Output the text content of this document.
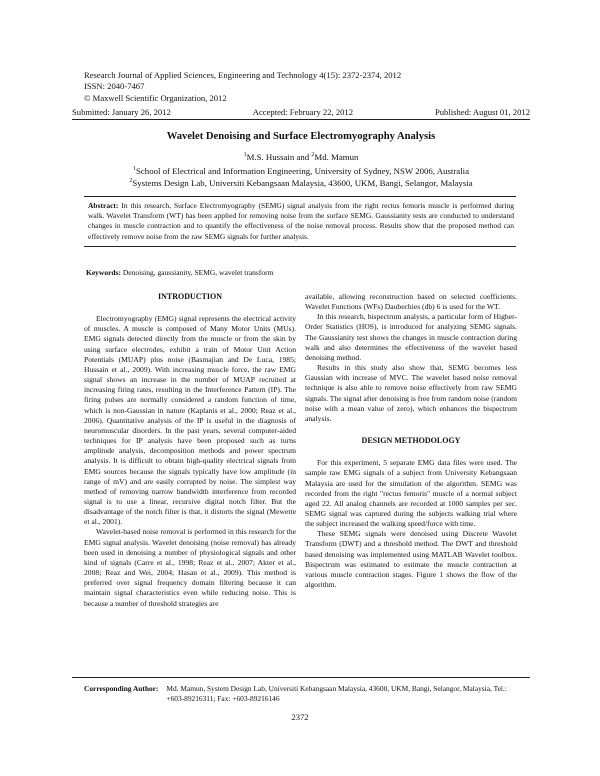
Research Journal of Applied Sciences, Engineering and Technology 4(15): 2372-2374, 2012
ISSN: 2040-7467
© Maxwell Scientific Organization, 2012
Submitted: January 26, 2012	Accepted: February 22, 2012	Published: August 01, 2012
Wavelet Denoising and Surface Electromyography Analysis
$^1$M.S. Hussain and $^2$Md. Mamun
$^1$School of Electrical and Information Engineering, University of Sydney, NSW 2006, Australia
$^2$Systems Design Lab, Universiti Kebangsaan Malaysia, 43600, UKM, Bangi, Selangor, Malaysia
Abstract: In this research, Surface Electromyography (SEMG) signal analysis from the right rectus femoris muscle is performed during walk. Wavelet Transform (WT) has been applied for removing noise from the surface SEMG. Gaussianity tests are conducted to understand changes in muscle contraction and to quantify the effectiveness of the noise removal process. Results show that the proposed method can effectively remove noise from the raw SEMG signals for further analysis.
Keywords: Denoising, gaussianity, SEMG, wavelet transform

INTRODUCTION

Electromyography (EMG) signal represents the electrical activity of muscles. A muscle is composed of Many Motor Units (MUs). EMG signals detected directly from the muscle or from the skin by using surface electrodes, exhibit a train of Motor Unit Action Potentials (MUAP) plus noise (Basmajian and De Luca, 1985; Hussain et al., 2009). With increasing muscle force, the raw EMG signal shows an increase in the number of MUAP recruited at increasing firing rates, resulting in the Interference Pattern (IP). The firing pulses are normally considered a random function of time, which is non-Gaussian in nature (Kaplanis et al., 2000; Reaz et al., 2006). Quantitative analysis of the IP is useful in the diagnosis of neuromuscular disorders. In the past years, several computer-aided techniques for IP analysis have been proposed such as turns amplitude analysis, decomposition methods and power spectrum analysis. It is difficult to obtain high-quality electrical signals from EMG sources because the signals typically have low amplitude (in range of mV) and are easily corrupted by noise. The simplest way method of removing narrow bandwidth interference from recorded signal is to use a linear, recursive digital notch filter. But the disadvantage of the notch filter is that, it distorts the signal (Mewette et al., 2001).

Wavelet-based noise removal is performed in this research for the EMG signal analysis. Wavelet denoising (noise removal) has already been used in denoising a number of physiological signals and other kind of signals (Carre et al., 1998; Reaz et al., 2007; Akter et al., 2008; Reaz and Wei, 2004; Hasan et al., 2009). This method is preferred over signal frequency domain filtering because it can maintain signal characteristics even while reducing noise. This is because a number of threshold strategies are

available, allowing reconstruction based on selected coefficients. Wavelet Functions (WFs) Daubechies (db) 6 is used for the WT.

In this research, bispectrum analysis, a particular form of Higher-Order Statistics (HOS), is introduced for analyzing SEMG signals. The Gaussianity test shows the changes in muscle contraction during walk and also determines the effectiveness of the wavelet based denoising method.

Results in this study also show that, SEMG becomes less Gaussian with increase of MVC. The wavelet based noise removal technique is also able to remove noise effectively from raw SEMG signals. The signal after denoising is free from random noise (random noise with a mean value of zero), which enhances the bispectrum analysis.

DESIGN METHODOLOGY

For this experiment, 5 separate EMG data files were used. The sample raw EMG signals of a subject from University Kebangsaan Malaysia are used for the simulation of the algorithm. SEMG was recorded from the right "rectus femoris" muscle of a normal subject aged 22. All analog channels are recorded at 1000 samples per sec. SEMG signal was captured during the subjects walking trial where the subject increased the walking speed/force with time.

These SEMG signals were denoised using Discrete Wavelet Transform (DWT) and a threshold method. The DWT and threshold based denoising was implemented using MATLAB Wavelet toolbox. Bispectrum was estimated to estimate the muscle contraction at various muscle contraction stages. Figure 1 shows the flow of the algorithm.

Corresponding Author: Md. Mamun, System Design Lab, Universiti Kebangsaan Malaysia, 43600, UKM, Bangi, Selangor, Malaysia, Tel.: +603-89216311; Fax: +603-89216146
2372
